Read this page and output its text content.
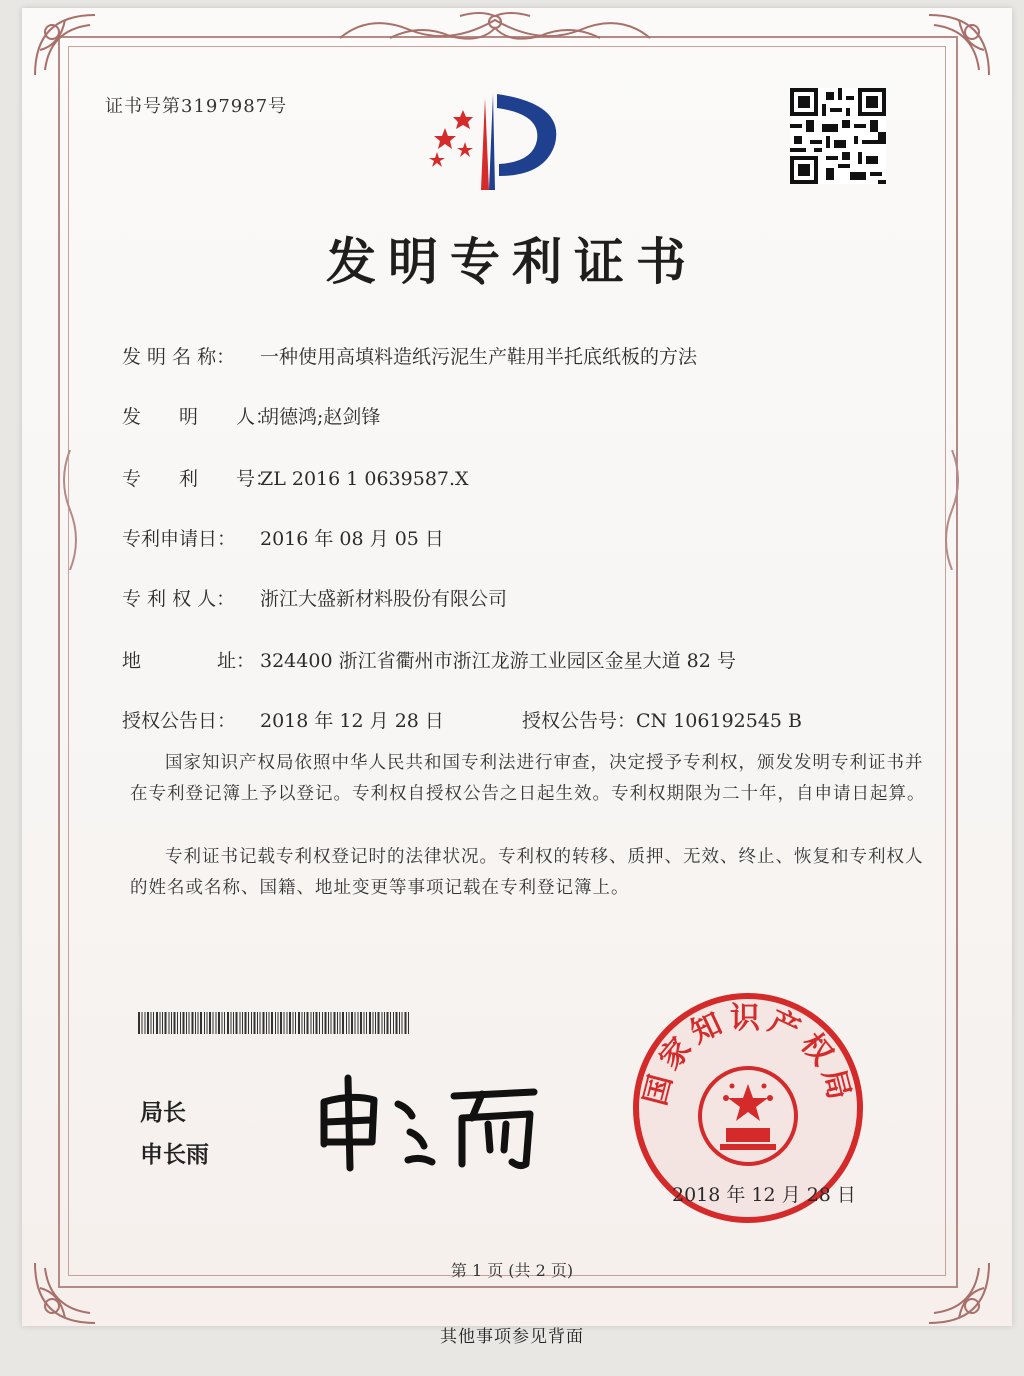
证书号第3197987号
发明专利证书
发 明 名 称： 一种使用高填料造纸污泥生产鞋用半托底纸板的方法
发　　明　　人：胡德鸿;赵剑锋
专　　利　　号：ZL 2016 1 0639587.X
专利申请日： 2016 年 08 月 05 日
专 利 权 人： 浙江大盛新材料股份有限公司
地　　　　址： 324400 浙江省衢州市浙江龙游工业园区金星大道 82 号
授权公告日： 2018 年 12 月 28 日	授权公告号：CN 106192545 B
国家知识产权局依照中华人民共和国专利法进行审查，决定授予专利权，颁发发明专利证书并在专利登记簿上予以登记。专利权自授权公告之日起生效。专利权期限为二十年，自申请日起算。
专利证书记载专利权登记时的法律状况。专利权的转移、质押、无效、终止、恢复和专利权人的姓名或名称、国籍、地址变更等事项记载在专利登记簿上。
局长
申长雨
国家知识产权局
2018 年 12 月 28 日
第 1 页 (共 2 页)
其他事项参见背面
